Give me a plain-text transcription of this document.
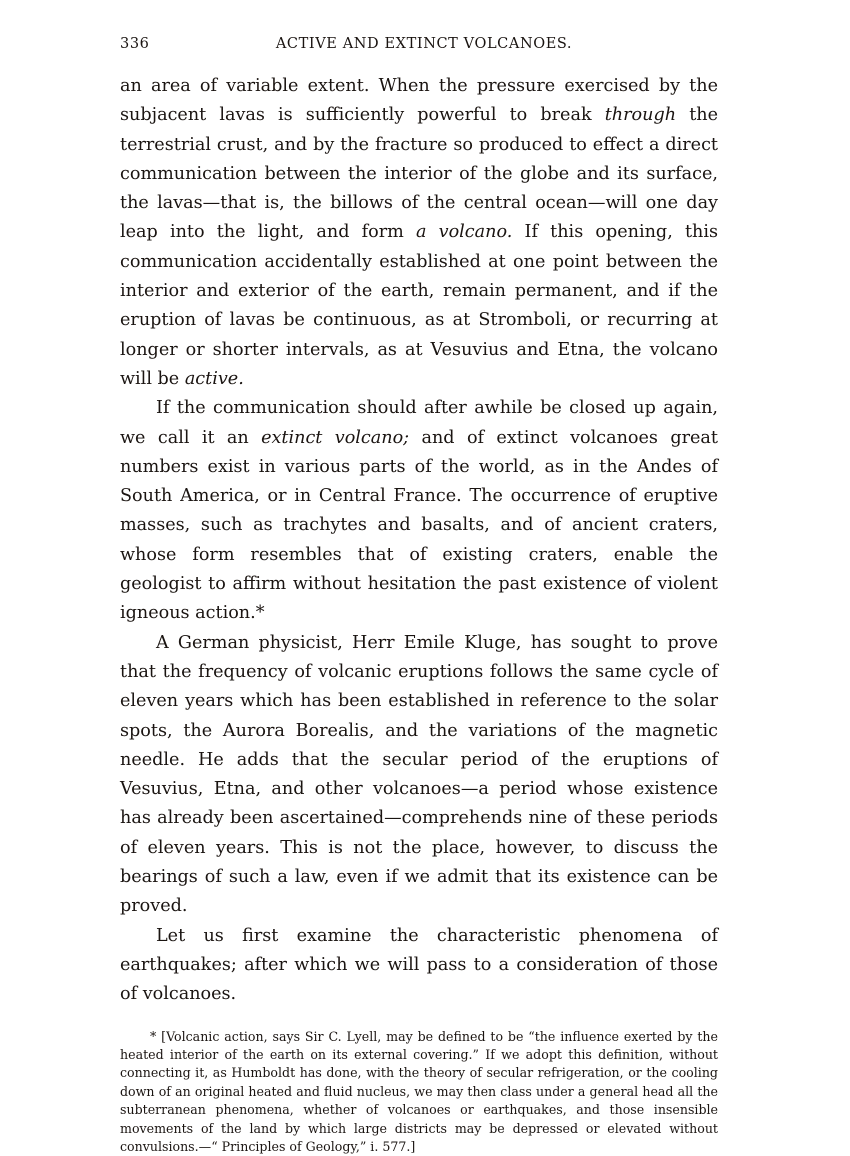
336	ACTIVE AND EXTINCT VOLCANOES.

an area of variable extent. When the pressure exercised by the subjacent lavas is sufficiently powerful to break through the terrestrial crust, and by the fracture so produced to effect a direct communication between the interior of the globe and its surface, the lavas—that is, the billows of the central ocean—will one day leap into the light, and form a volcano. If this opening, this communication accidentally established at one point between the interior and exterior of the earth, remain permanent, and if the eruption of lavas be continuous, as at Stromboli, or recurring at longer or shorter intervals, as at Vesuvius and Etna, the volcano will be active.

If the communication should after awhile be closed up again, we call it an extinct volcano; and of extinct volcanoes great numbers exist in various parts of the world, as in the Andes of South America, or in Central France. The occurrence of eruptive masses, such as trachytes and basalts, and of ancient craters, whose form resembles that of existing craters, enable the geologist to affirm without hesitation the past existence of violent igneous action.*

A German physicist, Herr Emile Kluge, has sought to prove that the frequency of volcanic eruptions follows the same cycle of eleven years which has been established in reference to the solar spots, the Aurora Borealis, and the variations of the magnetic needle. He adds that the secular period of the eruptions of Vesuvius, Etna, and other volcanoes—a period whose existence has already been ascertained—comprehends nine of these periods of eleven years. This is not the place, however, to discuss the bearings of such a law, even if we admit that its existence can be proved.

Let us first examine the characteristic phenomena of earthquakes; after which we will pass to a consideration of those of volcanoes.

* [Volcanic action, says Sir C. Lyell, may be defined to be “the influence exerted by the heated interior of the earth on its external covering.” If we adopt this definition, without connecting it, as Humboldt has done, with the theory of secular refrigeration, or the cooling down of an original heated and fluid nucleus, we may then class under a general head all the subterranean phenomena, whether of volcanoes or earthquakes, and those insensible movements of the land by which large districts may be depressed or elevated without convulsions.—“ Principles of Geology,” i. 577.]
